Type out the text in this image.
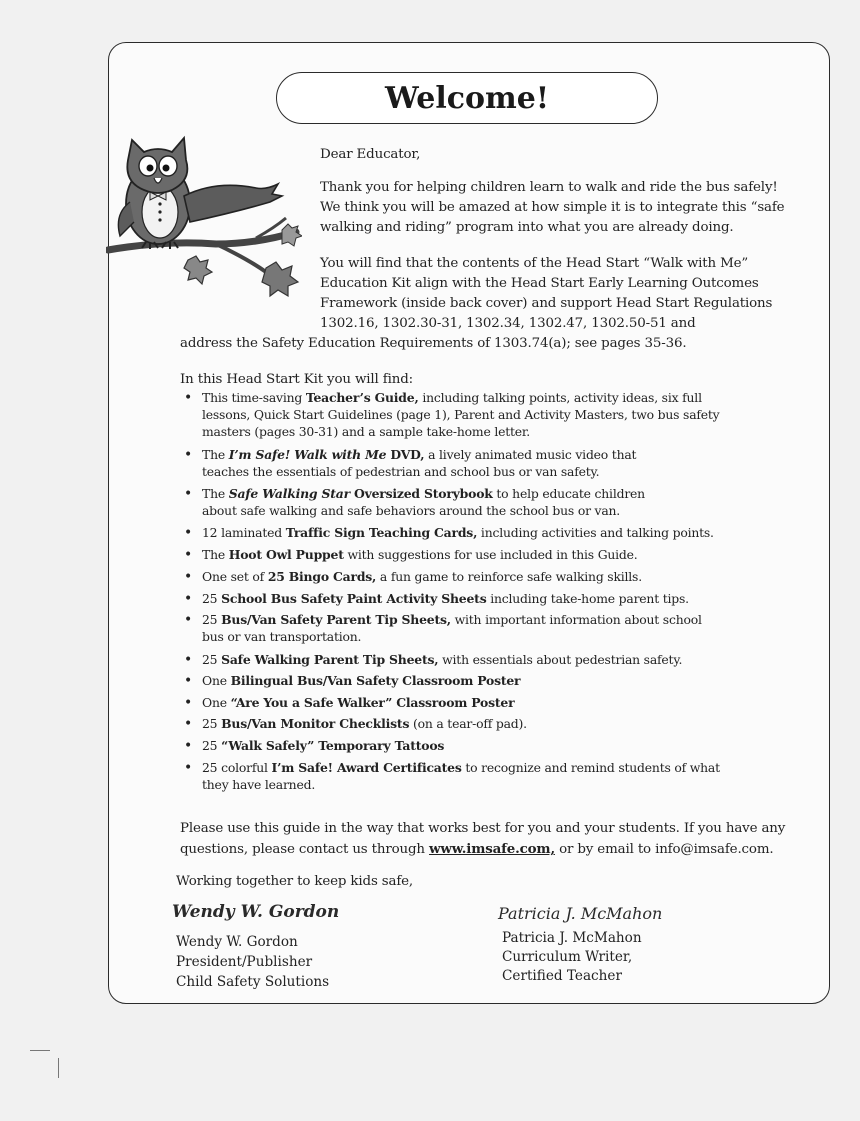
Welcome!

Dear Educator,

Thank you for helping children learn to walk and ride the bus safely!
We think you will be amazed at how simple it is to integrate this “safe
walking and riding” program into what you are already doing.
You will find that the contents of the Head Start “Walk with Me”
Education Kit align with the Head Start Early Learning Outcomes
Framework (inside back cover) and support Head Start Regulations
1302.16, 1302.30-31, 1302.34, 1302.47, 1302.50-51 and
address the Safety Education Requirements of 1303.74(a); see pages 35-36.

In this Head Start Kit you will find:

• This time-saving Teacher’s Guide, including talking points, activity ideas, six full
lessons, Quick Start Guidelines (page 1), Parent and Activity Masters, two bus safety
masters (pages 30-31) and a sample take-home letter.
• The I’m Safe! Walk with Me DVD, a lively animated music video that
teaches the essentials of pedestrian and school bus or van safety.
• The Safe Walking Star Oversized Storybook to help educate children
about safe walking and safe behaviors around the school bus or van.
• 12 laminated Traffic Sign Teaching Cards, including activities and talking points.
• The Hoot Owl Puppet with suggestions for use included in this Guide.
• One set of 25 Bingo Cards, a fun game to reinforce safe walking skills.
• 25 School Bus Safety Paint Activity Sheets including take-home parent tips.
• 25 Bus/Van Safety Parent Tip Sheets, with important information about school
bus or van transportation.
• 25 Safe Walking Parent Tip Sheets, with essentials about pedestrian safety.
• One Bilingual Bus/Van Safety Classroom Poster
• One “Are You a Safe Walker” Classroom Poster
• 25 Bus/Van Monitor Checklists (on a tear-off pad).
• 25 “Walk Safely” Temporary Tattoos
• 25 colorful I’m Safe! Award Certificates to recognize and remind students of what
they have learned.
Please use this guide in the way that works best for you and your students. If you have any
questions, please contact us through www.imsafe.com, or by email to info@imsafe.com.

Working together to keep kids safe,

Wendy W. Gordon
Wendy W. Gordon
President/Publisher
Child Safety Solutions
Patricia J. McMahon
Patricia J. McMahon
Curriculum Writer,
Certified Teacher
